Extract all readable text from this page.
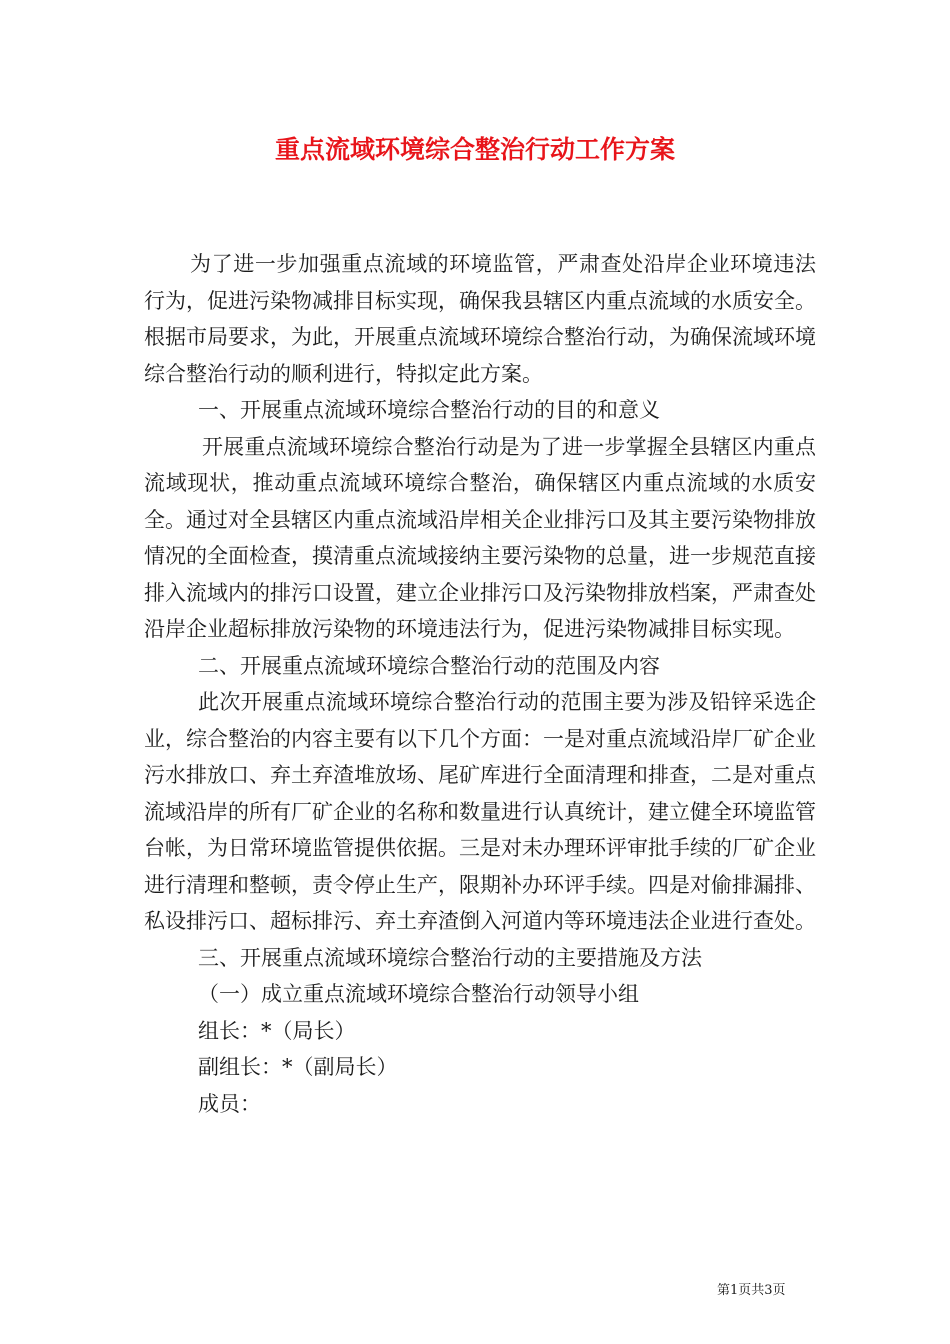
重点流域环境综合整治行动工作方案

为了进一步加强重点流域的环境监管，严肃查处沿岸企业环境违法行为，促进污染物减排目标实现，确保我县辖区内重点流域的水质安全。根据市局要求，为此，开展重点流域环境综合整治行动，为确保流域环境综合整治行动的顺利进行，特拟定此方案。

一、开展重点流域环境综合整治行动的目的和意义

开展重点流域环境综合整治行动是为了进一步掌握全县辖区内重点流域现状，推动重点流域环境综合整治，确保辖区内重点流域的水质安全。通过对全县辖区内重点流域沿岸相关企业排污口及其主要污染物排放情况的全面检查，摸清重点流域接纳主要污染物的总量，进一步规范直接排入流域内的排污口设置，建立企业排污口及污染物排放档案，严肃查处沿岸企业超标排放污染物的环境违法行为，促进污染物减排目标实现。

二、开展重点流域环境综合整治行动的范围及内容

此次开展重点流域环境综合整治行动的范围主要为涉及铅锌采选企业，综合整治的内容主要有以下几个方面：一是对重点流域沿岸厂矿企业污水排放口、弃土弃渣堆放场、尾矿库进行全面清理和排查，二是对重点流域沿岸的所有厂矿企业的名称和数量进行认真统计，建立健全环境监管台帐，为日常环境监管提供依据。三是对未办理环评审批手续的厂矿企业进行清理和整顿，责令停止生产，限期补办环评手续。四是对偷排漏排、私设排污口、超标排污、弃土弃渣倒入河道内等环境违法企业进行查处。

三、开展重点流域环境综合整治行动的主要措施及方法

（一）成立重点流域环境综合整治行动领导小组

组长：*（局长）

副组长：*（副局长）

成员：

第1页共3页
